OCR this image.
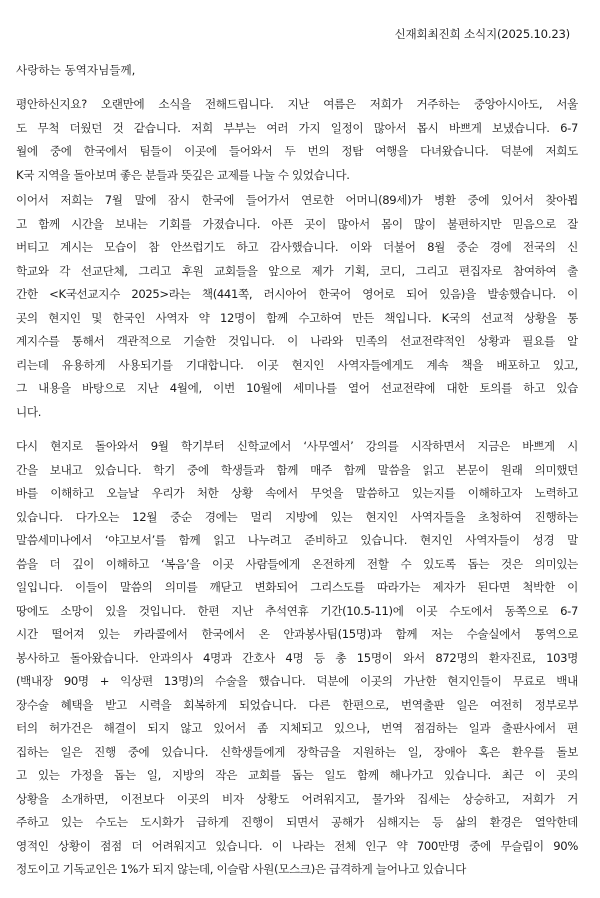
신재회최진희 소식지(2025.10.23)
사랑하는 동역자님들께,
평안하신지요? 오랜만에 소식을 전해드립니다. 지난 여름은 저희가 거주하는 중앙아시아도, 서울
도 무척 더웠던 것 같습니다. 저희 부부는 여러 가지 일정이 많아서 몹시 바쁘게 보냈습니다. 6-7
월에 중에 한국에서 팀들이 이곳에 들어와서 두 번의 정탐 여행을 다녀왔습니다. 덕분에 저희도
K국 지역을 돌아보며 좋은 분들과 뜻깊은 교제를 나눌 수 있었습니다.
이어서 저희는 7월 말에 잠시 한국에 들어가서 연로한 어머니(89세)가 병환 중에 있어서 찾아뵙
고 함께 시간을 보내는 기회를 가졌습니다. 아픈 곳이 많아서 몸이 많이 불편하지만 믿음으로 잘
버티고 계시는 모습이 참 안쓰럽기도 하고 감사했습니다. 이와 더불어 8월 중순 경에 전국의 신
학교와 각 선교단체, 그리고 후원 교회들을 앞으로 제가 기획, 코디, 그리고 편집자로 참여하여 출
간한 <K국선교지수 2025>라는 책(441쪽, 러시아어 한국어 영어로 되어 있음)을 발송했습니다. 이
곳의 현지인 및 한국인 사역자 약 12명이 함께 수고하여 만든 책입니다. K국의 선교적 상황을 통
계지수를 통해서 객관적으로 기술한 것입니다. 이 나라와 민족의 선교전략적인 상황과 필요를 알
리는데 유용하게 사용되기를 기대합니다. 이곳 현지인 사역자들에게도 계속 책을 배포하고 있고,
그 내용을 바탕으로 지난 4월에, 이번 10월에 세미나를 열어 선교전략에 대한 토의를 하고 있습
니다.
다시 현지로 돌아와서 9월 학기부터 신학교에서 ‘사무엘서’ 강의를 시작하면서 지금은 바쁘게 시
간을 보내고 있습니다. 학기 중에 학생들과 함께 매주 함께 말씀을 읽고 본문이 원래 의미했던
바를 이해하고 오늘날 우리가 처한 상황 속에서 무엇을 말씀하고 있는지를 이해하고자 노력하고
있습니다. 다가오는 12월 중순 경에는 멀리 지방에 있는 현지인 사역자들을 초청하여 진행하는
말씀세미나에서 ‘야고보서’를 함께 읽고 나누려고 준비하고 있습니다. 현지인 사역자들이 성경 말
씀을 더 깊이 이해하고 ‘복음’을 이곳 사람들에게 온전하게 전할 수 있도록 돕는 것은 의미있는
일입니다. 이들이 말씀의 의미를 깨닫고 변화되어 그리스도를 따라가는 제자가 된다면 척박한 이
땅에도 소망이 있을 것입니다. 한편 지난 추석연휴 기간(10.5-11)에 이곳 수도에서 동쪽으로 6-7
시간 떨어져 있는 카라콜에서 한국에서 온 안과봉사팀(15명)과 함께 저는 수술실에서 통역으로
봉사하고 돌아왔습니다. 안과의사 4명과 간호사 4명 등 총 15명이 와서 872명의 환자진료, 103명
(백내장 90명 + 익상편 13명)의 수술을 했습니다. 덕분에 이곳의 가난한 현지인들이 무료로 백내
장수술 혜택을 받고 시력을 회복하게 되었습니다. 다른 한편으로, 번역출판 일은 여전히 정부로부
터의 허가건은 해결이 되지 않고 있어서 좀 지체되고 있으나, 번역 점검하는 일과 출판사에서 편
집하는 일은 진행 중에 있습니다. 신학생들에게 장학금을 지원하는 일, 장애아 혹은 환우를 돌보
고 있는 가정을 돕는 일, 지방의 작은 교회를 돕는 일도 함께 해나가고 있습니다. 최근 이 곳의
상황을 소개하면, 이전보다 이곳의 비자 상황도 어려워지고, 물가와 집세는 상승하고, 저희가 거
주하고 있는 수도는 도시화가 급하게 진행이 되면서 공해가 심해지는 등 삶의 환경은 열악한데
영적인 상황이 점점 더 어려워지고 있습니다. 이 나라는 전체 인구 약 700만명 중에 무슬림이 90%
정도이고 기독교인은 1%가 되지 않는데, 이슬람 사원(모스크)은 급격하게 늘어나고 있습니다
